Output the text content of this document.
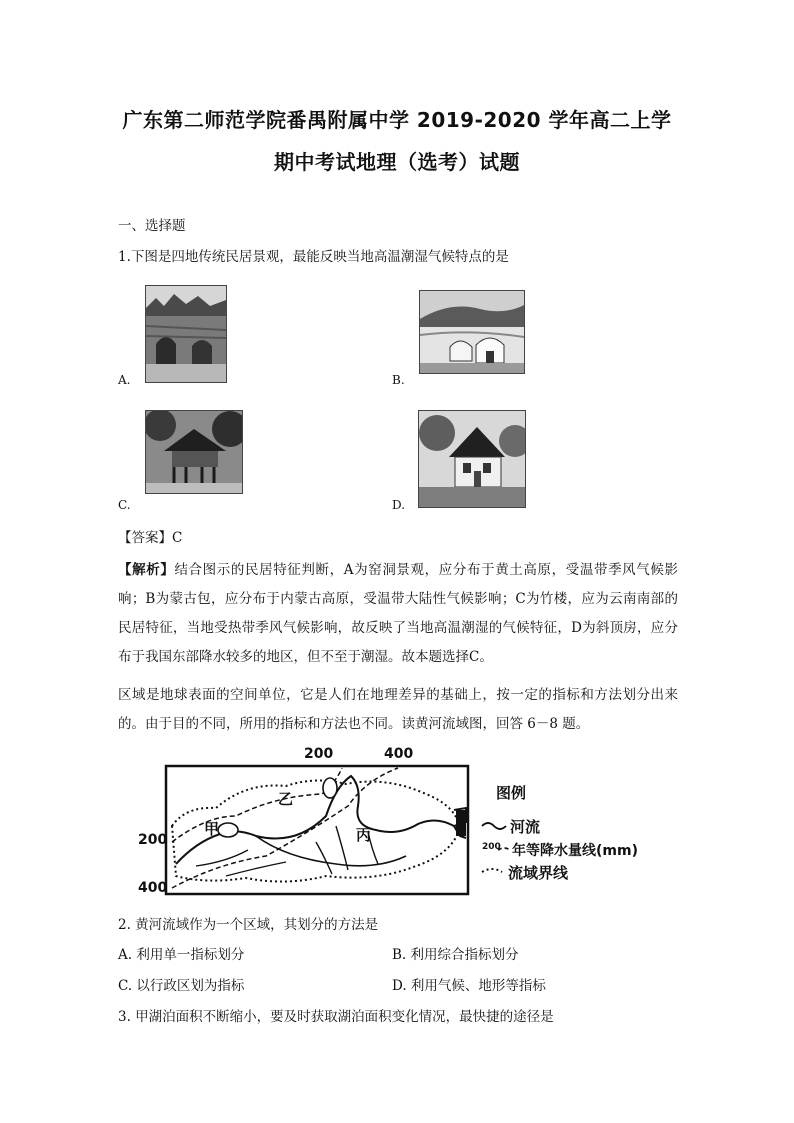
广东第二师范学院番禺附属中学 2019-2020 学年高二上学
期中考试地理（选考）试题
一、选择题
1.下图是四地传统民居景观，最能反映当地高温潮湿气候特点的是
A.	B.
C.	D.
【答案】C
【解析】结合图示的民居特征判断，A为窑洞景观，应分布于黄土高原，受温带季风气候影响；B为蒙古包，应分布于内蒙古高原，受温带大陆性气候影响；C为竹楼，应为云南南部的民居特征，当地受热带季风气候影响，故反映了当地高温潮湿的气候特征，D为斜顶房，应分布于我国东部降水较多的地区，但不至于潮湿。故本题选择C。
区域是地球表面的空间单位，它是人们在地理差异的基础上，按一定的指标和方法划分出来的。由于目的不同，所用的指标和方法也不同。读黄河流域图，回答 6－8 题。
200	400
200
400
乙
甲	丙
图例
河流
200 年等降水量线(mm)
流域界线
2. 黄河流域作为一个区域，其划分的方法是
A. 利用单一指标划分	B. 利用综合指标划分
C. 以行政区划为指标	D. 利用气候、地形等指标
3. 甲湖泊面积不断缩小，要及时获取湖泊面积变化情况，最快捷的途径是
